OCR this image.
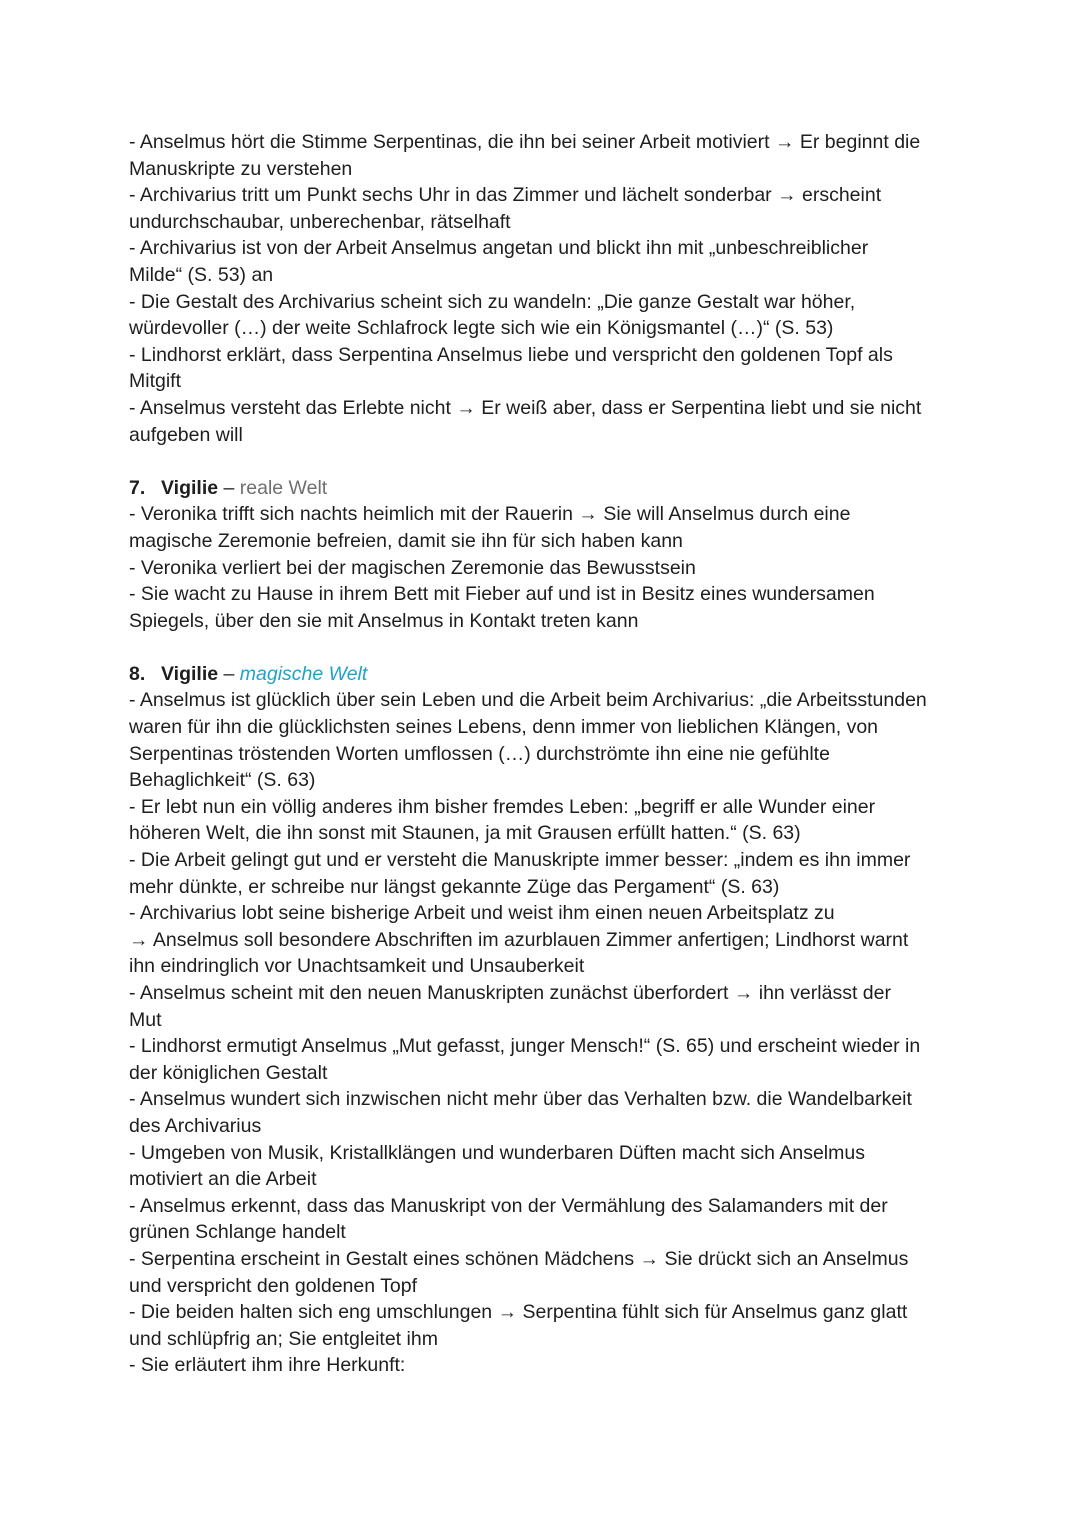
- Anselmus hört die Stimme Serpentinas, die ihn bei seiner Arbeit motiviert → Er beginnt die
Manuskripte zu verstehen
- Archivarius tritt um Punkt sechs Uhr in das Zimmer und lächelt sonderbar → erscheint
undurchschaubar, unberechenbar, rätselhaft
- Archivarius ist von der Arbeit Anselmus angetan und blickt ihn mit „unbeschreiblicher
Milde“ (S. 53) an
- Die Gestalt des Archivarius scheint sich zu wandeln: „Die ganze Gestalt war höher,
würdevoller (…) der weite Schlafrock legte sich wie ein Königsmantel (…)“ (S. 53)
- Lindhorst erklärt, dass Serpentina Anselmus liebe und verspricht den goldenen Topf als
Mitgift
- Anselmus versteht das Erlebte nicht → Er weiß aber, dass er Serpentina liebt und sie nicht
aufgeben will
7. Vigilie – reale Welt
- Veronika trifft sich nachts heimlich mit der Rauerin → Sie will Anselmus durch eine
magische Zeremonie befreien, damit sie ihn für sich haben kann
- Veronika verliert bei der magischen Zeremonie das Bewusstsein
- Sie wacht zu Hause in ihrem Bett mit Fieber auf und ist in Besitz eines wundersamen
Spiegels, über den sie mit Anselmus in Kontakt treten kann
8. Vigilie – magische Welt
- Anselmus ist glücklich über sein Leben und die Arbeit beim Archivarius: „die Arbeitsstunden
waren für ihn die glücklichsten seines Lebens, denn immer von lieblichen Klängen, von
Serpentinas tröstenden Worten umflossen (…) durchströmte ihn eine nie gefühlte
Behaglichkeit“ (S. 63)
- Er lebt nun ein völlig anderes ihm bisher fremdes Leben: „begriff er alle Wunder einer
höheren Welt, die ihn sonst mit Staunen, ja mit Grausen erfüllt hatten.“ (S. 63)
- Die Arbeit gelingt gut und er versteht die Manuskripte immer besser: „indem es ihn immer
mehr dünkte, er schreibe nur längst gekannte Züge das Pergament“ (S. 63)
- Archivarius lobt seine bisherige Arbeit und weist ihm einen neuen Arbeitsplatz zu
→ Anselmus soll besondere Abschriften im azurblauen Zimmer anfertigen; Lindhorst warnt
ihn eindringlich vor Unachtsamkeit und Unsauberkeit
- Anselmus scheint mit den neuen Manuskripten zunächst überfordert → ihn verlässt der
Mut
- Lindhorst ermutigt Anselmus „Mut gefasst, junger Mensch!“ (S. 65) und erscheint wieder in
der königlichen Gestalt
- Anselmus wundert sich inzwischen nicht mehr über das Verhalten bzw. die Wandelbarkeit
des Archivarius
- Umgeben von Musik, Kristallklängen und wunderbaren Düften macht sich Anselmus
motiviert an die Arbeit
- Anselmus erkennt, dass das Manuskript von der Vermählung des Salamanders mit der
grünen Schlange handelt
- Serpentina erscheint in Gestalt eines schönen Mädchens → Sie drückt sich an Anselmus
und verspricht den goldenen Topf
- Die beiden halten sich eng umschlungen → Serpentina fühlt sich für Anselmus ganz glatt
und schlüpfrig an; Sie entgleitet ihm
- Sie erläutert ihm ihre Herkunft:
